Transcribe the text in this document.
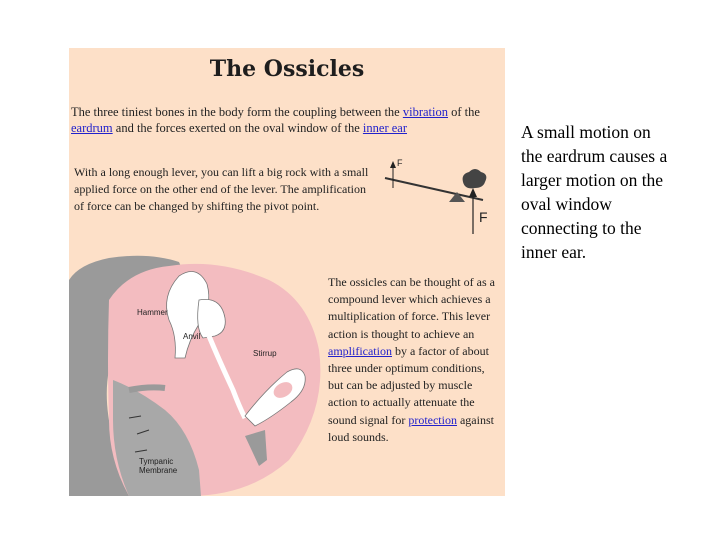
The Ossicles

The three tiniest bones in the body form the coupling between the vibration of the eardrum and the forces exerted on the oval window of the inner ear

With a long enough lever, you can lift a big rock with a small applied force on the other end of the lever. The amplification of force can be changed by shifting the pivot point.

F
F
Hammer
Anvil
Stirrup
Tympanic
Membrane

The ossicles can be thought of as a compound lever which achieves a multiplication of force. This lever action is thought to achieve an amplification by a factor of about three under optimum conditions, but can be adjusted by muscle action to actually attenuate the sound signal for protection against loud sounds.

A small motion on the eardrum causes a larger motion on the oval window connecting to the inner ear.
